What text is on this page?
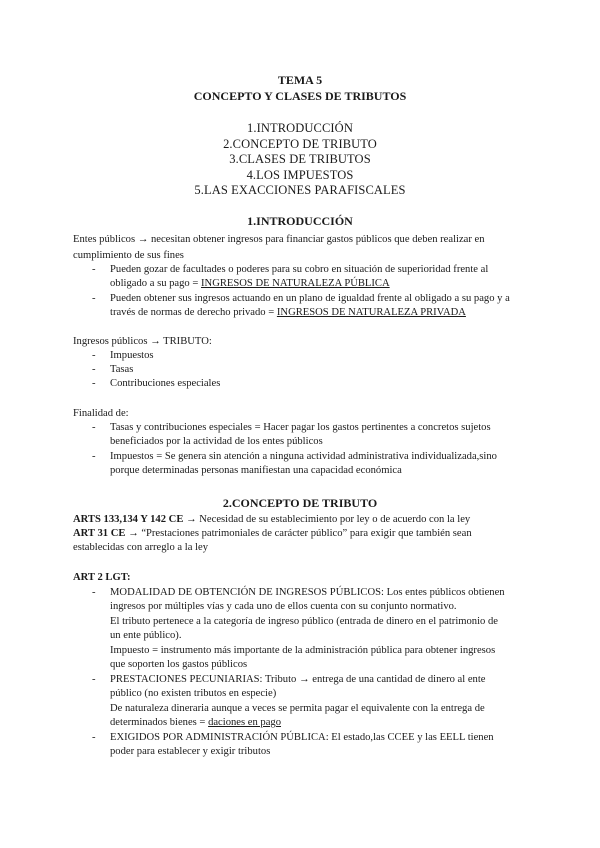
TEMA 5
CONCEPTO Y CLASES DE TRIBUTOS
1.INTRODUCCIÓN
2.CONCEPTO DE TRIBUTO
3.CLASES DE TRIBUTOS
4.LOS IMPUESTOS
5.LAS EXACCIONES PARAFISCALES
1.INTRODUCCIÓN
Entes públicos → necesitan obtener ingresos para financiar gastos públicos que deben realizar en
cumplimiento de sus fines
- Pueden gozar de facultades o poderes para su cobro en situación de superioridad frente al
obligado a su pago = INGRESOS DE NATURALEZA PÚBLICA
- Pueden obtener sus ingresos actuando en un plano de igualdad frente al obligado a su pago y a
través de normas de derecho privado = INGRESOS DE NATURALEZA PRIVADA
Ingresos públicos → TRIBUTO:
- Impuestos
- Tasas
- Contribuciones especiales
Finalidad de:
- Tasas y contribuciones especiales = Hacer pagar los gastos pertinentes a concretos sujetos
beneficiados por la actividad de los entes públicos
- Impuestos = Se genera sin atención a ninguna actividad administrativa individualizada,sino
porque determinadas personas manifiestan una capacidad económica
2.CONCEPTO DE TRIBUTO
ARTS 133,134 Y 142 CE → Necesidad de su establecimiento por ley o de acuerdo con la ley
ART 31 CE → “Prestaciones patrimoniales de carácter público” para exigir que también sean
establecidas con arreglo a la ley
ART 2 LGT:
- MODALIDAD DE OBTENCIÓN DE INGRESOS PÚBLICOS: Los entes públicos obtienen
ingresos por múltiples vías y cada uno de ellos cuenta con su conjunto normativo.
El tributo pertenece a la categoría de ingreso público (entrada de dinero en el patrimonio de
un ente público).
Impuesto = instrumento más importante de la administración pública para obtener ingresos
que soporten los gastos públicos
- PRESTACIONES PECUNIARIAS: Tributo → entrega de una cantidad de dinero al ente
público (no existen tributos en especie)
De naturaleza dineraria aunque a veces se permita pagar el equivalente con la entrega de
determinados bienes = daciones en pago
- EXIGIDOS POR ADMINISTRACIÓN PÚBLICA: El estado,las CCEE y las EELL tienen
poder para establecer y exigir tributos
